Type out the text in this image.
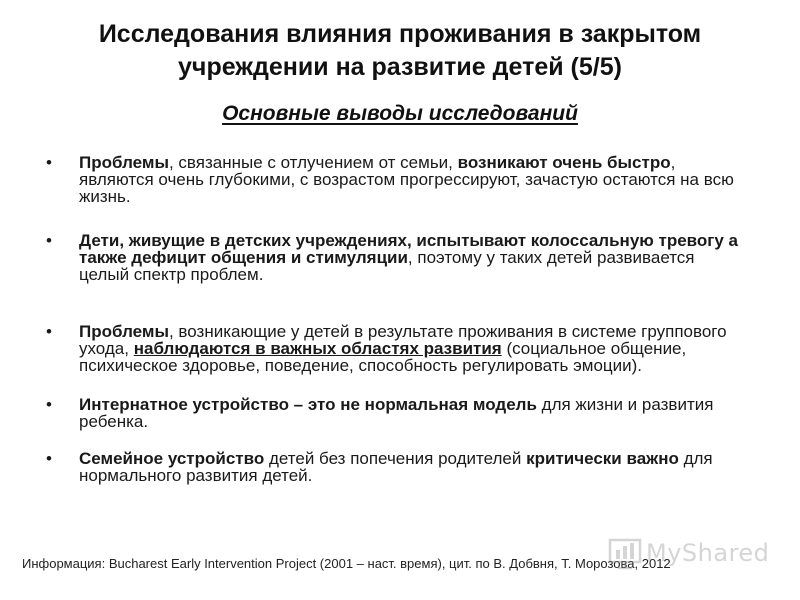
Исследования влияния проживания в закрытом
учреждении на развитие детей (5/5)
Основные выводы исследований
• Проблемы, связанные с отлучением от семьи, возникают очень быстро, являются очень глубокими, с возрастом прогрессируют, зачастую остаются на всю жизнь.
• Дети, живущие в детских учреждениях, испытывают колоссальную тревогу а также дефицит общения и стимуляции, поэтому у таких детей развивается целый спектр проблем.
• Проблемы, возникающие у детей в результате проживания в системе группового ухода, наблюдаются в важных областях развития (социальное общение, психическое здоровье, поведение, способность регулировать эмоции).
• Интернатное устройство – это не нормальная модель для жизни и развития ребенка.
• Семейное устройство детей без попечения родителей критически важно для нормального развития детей.
Информация: Bucharest Early Intervention Project (2001 – наст. время), цит. по В. Добвня, Т. Морозова, 2012
MyShared
